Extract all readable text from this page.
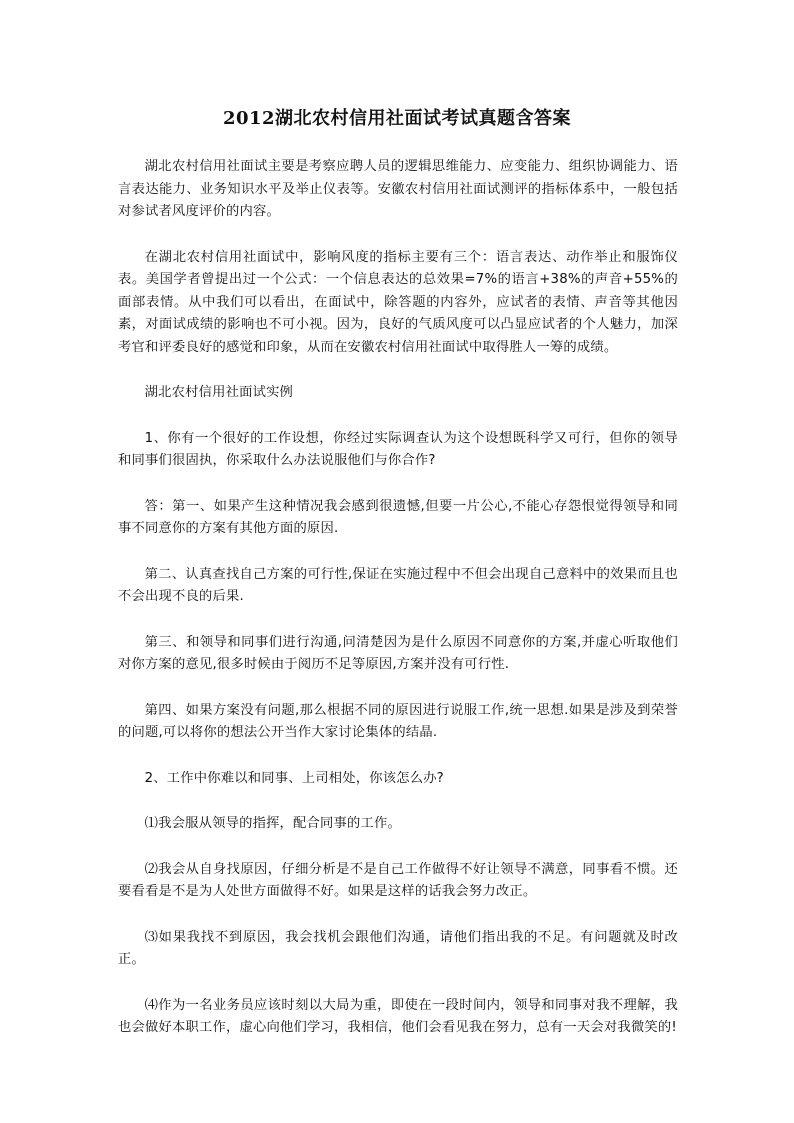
2012湖北农村信用社面试考试真题含答案

湖北农村信用社面试主要是考察应聘人员的逻辑思维能力、应变能力、组织协调能力、语言表达能力、业务知识水平及举止仪表等。安徽农村信用社面试测评的指标体系中，一般包括对参试者风度评价的内容。

在湖北农村信用社面试中，影响风度的指标主要有三个：语言表达、动作举止和服饰仪表。美国学者曾提出过一个公式：一个信息表达的总效果=7%的语言+38%的声音+55%的面部表情。从中我们可以看出，在面试中，除答题的内容外，应试者的表情、声音等其他因素，对面试成绩的影响也不可小视。因为，良好的气质风度可以凸显应试者的个人魅力，加深考官和评委良好的感觉和印象，从而在安徽农村信用社面试中取得胜人一筹的成绩。

湖北农村信用社面试实例

1、你有一个很好的工作设想，你经过实际调查认为这个设想既科学又可行，但你的领导和同事们很固执，你采取什么办法说服他们与你合作?

答：第一、如果产生这种情况我会感到很遗憾,但要一片公心,不能心存怨恨觉得领导和同事不同意你的方案有其他方面的原因.

第二、认真查找自己方案的可行性,保证在实施过程中不但会出现自己意料中的效果而且也不会出现不良的后果.

第三、和领导和同事们进行沟通,问清楚因为是什么原因不同意你的方案,并虚心听取他们对你方案的意见,很多时候由于阅历不足等原因,方案并没有可行性.

第四、如果方案没有问题,那么根据不同的原因进行说服工作,统一思想.如果是涉及到荣誉的问题,可以将你的想法公开当作大家讨论集体的结晶.

2、工作中你难以和同事、上司相处，你该怎么办?

⑴我会服从领导的指挥，配合同事的工作。

⑵我会从自身找原因，仔细分析是不是自己工作做得不好让领导不满意，同事看不惯。还要看看是不是为人处世方面做得不好。如果是这样的话我会努力改正。

⑶如果我找不到原因，我会找机会跟他们沟通，请他们指出我的不足。有问题就及时改正。

⑷作为一名业务员应该时刻以大局为重，即使在一段时间内，领导和同事对我不理解，我也会做好本职工作，虚心向他们学习，我相信，他们会看见我在努力，总有一天会对我微笑的!
